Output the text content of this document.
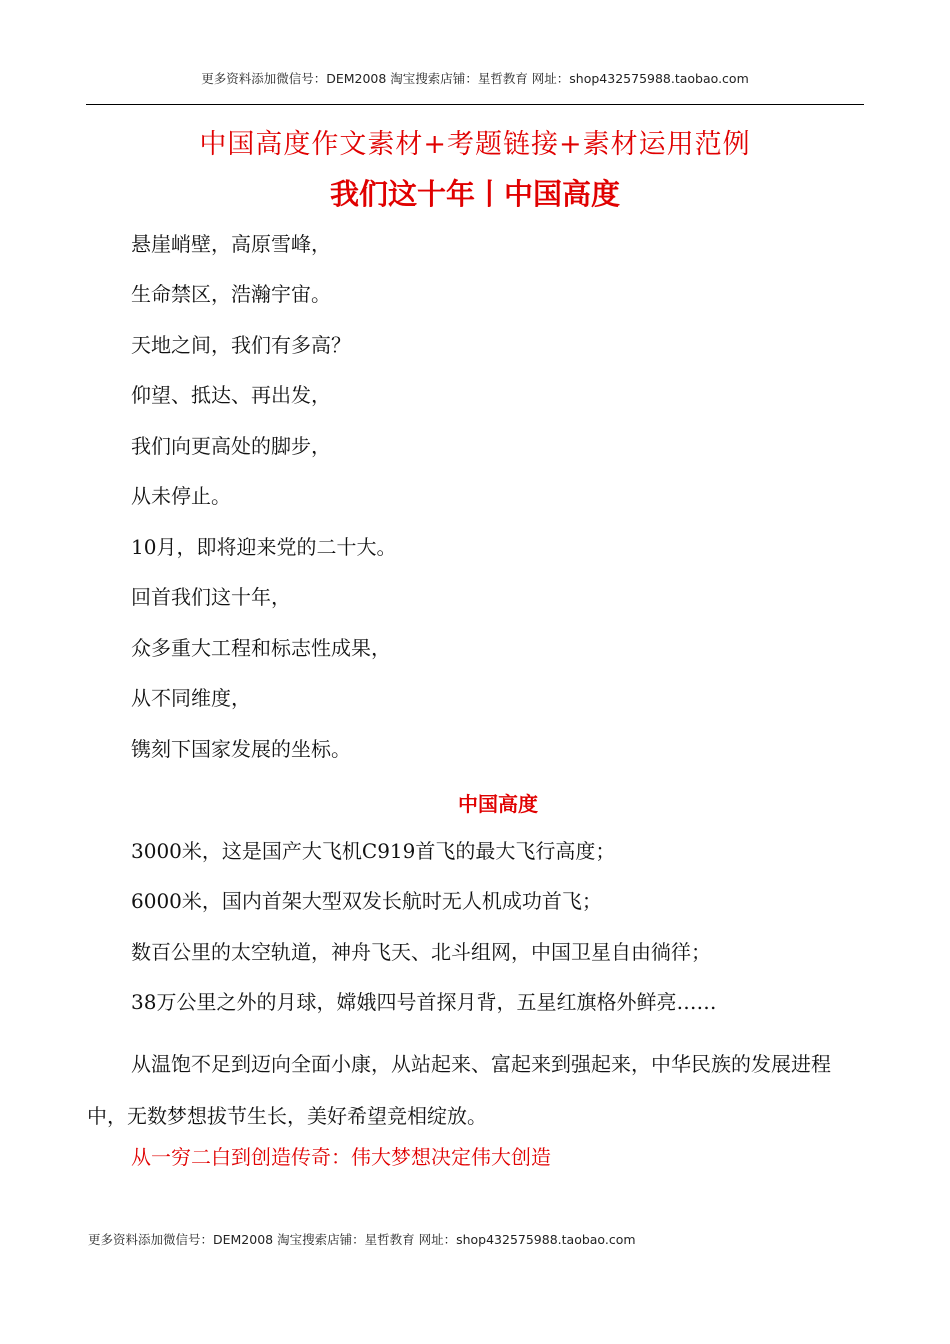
更多资料添加微信号：DEM2008 淘宝搜索店铺：星哲教育 网址：shop432575988.taobao.com
中国高度作文素材+考题链接+素材运用范例
我们这十年丨中国高度
悬崖峭壁，高原雪峰，
生命禁区，浩瀚宇宙。
天地之间，我们有多高？
仰望、抵达、再出发，
我们向更高处的脚步，
从未停止。
10月，即将迎来党的二十大。
回首我们这十年，
众多重大工程和标志性成果，
从不同维度，
镌刻下国家发展的坐标。
中国高度
3000米，这是国产大飞机C919首飞的最大飞行高度；
6000米，国内首架大型双发长航时无人机成功首飞；
数百公里的太空轨道，神舟飞天、北斗组网，中国卫星自由徜徉；
38万公里之外的月球，嫦娥四号首探月背，五星红旗格外鲜亮……
从温饱不足到迈向全面小康，从站起来、富起来到强起来，中华民族的发展进程中，无数梦想拔节生长，美好希望竞相绽放。
从一穷二白到创造传奇：伟大梦想决定伟大创造
更多资料添加微信号：DEM2008 淘宝搜索店铺：星哲教育 网址：shop432575988.taobao.com
